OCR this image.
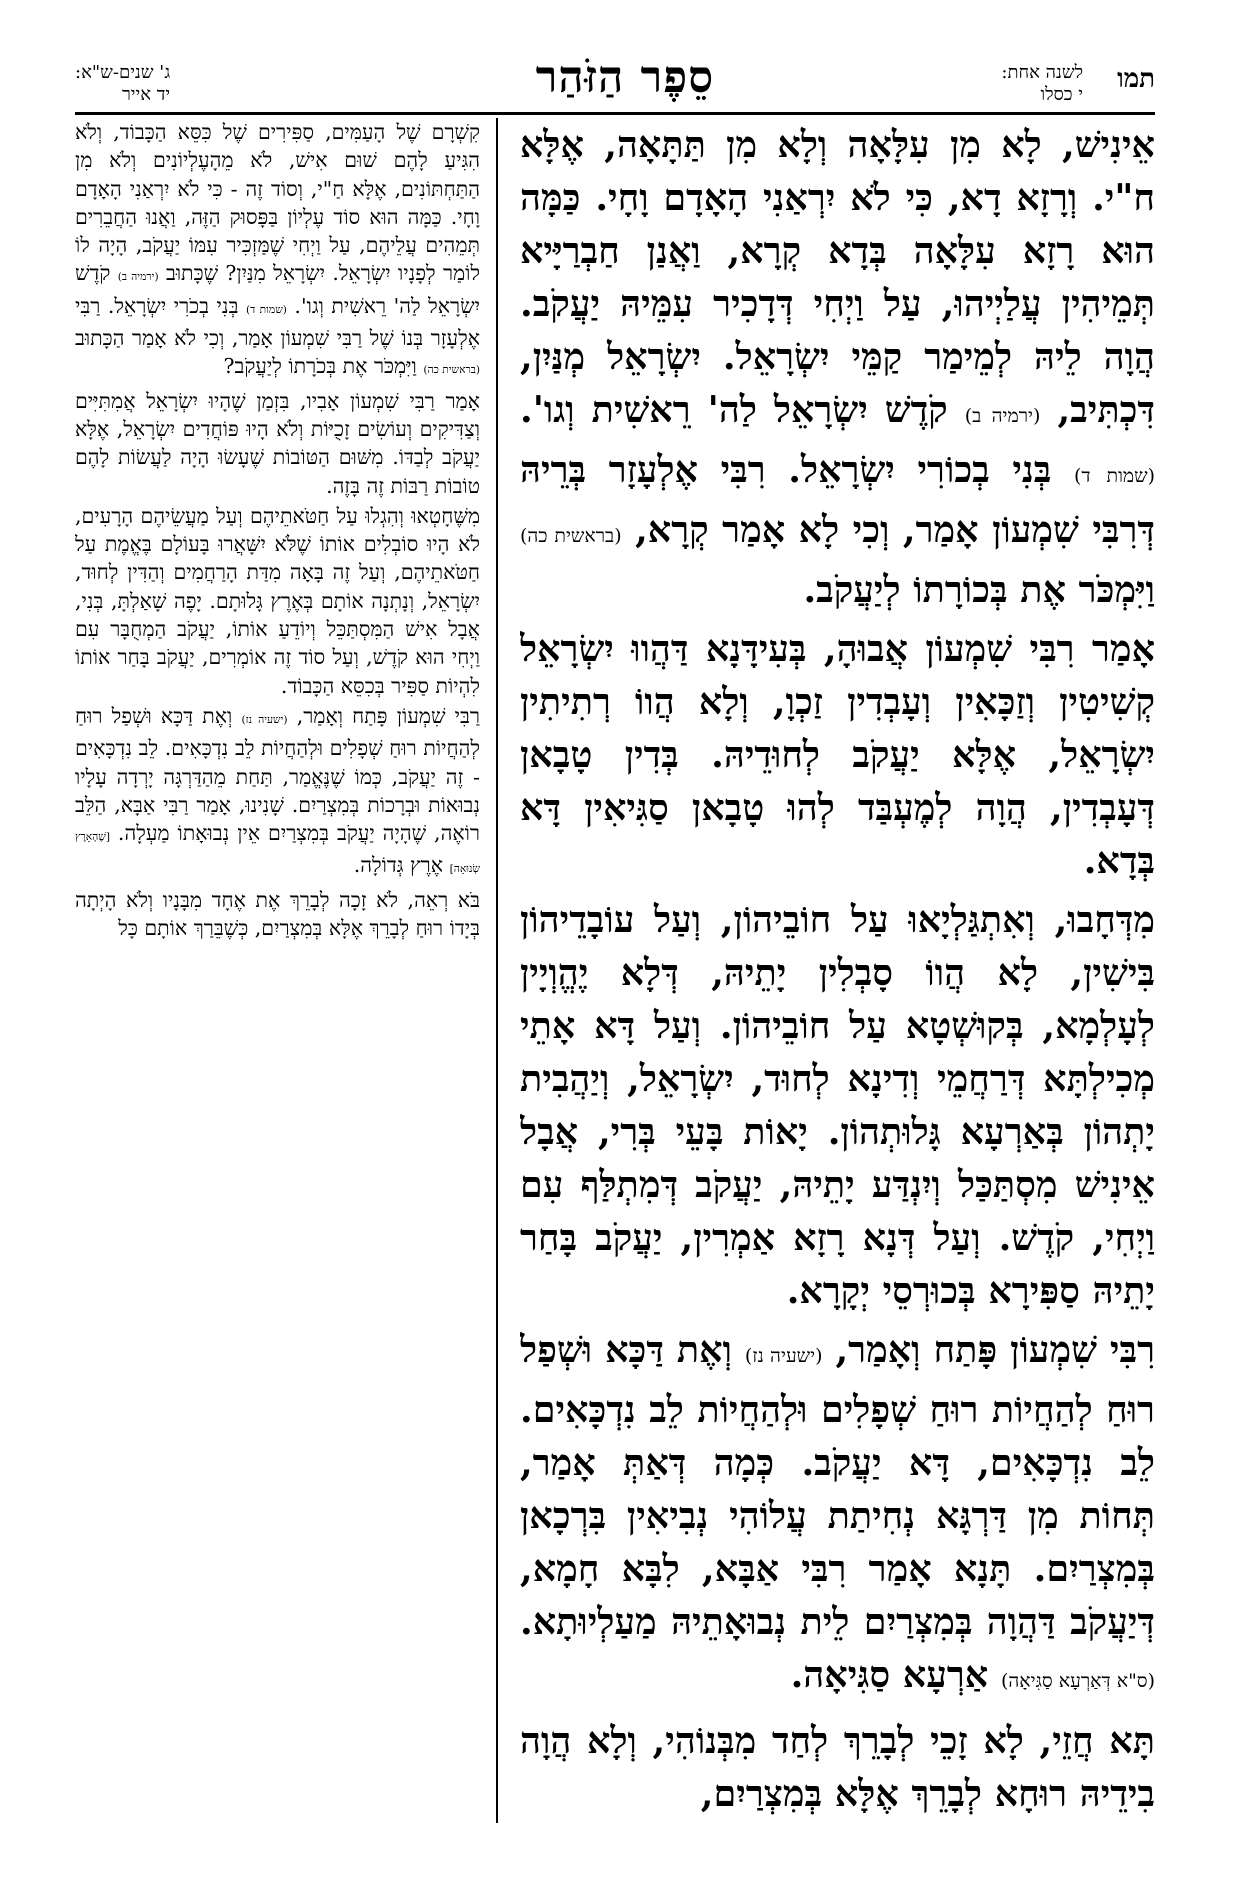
תמו
לשנה אחת:
י כסלו
סֵפֶר הַזֹּהַר
ג' שנים-ש"א:
יד אייר

אֵינִישׁ, לָא מִן עִלָּאָה וְלָא מִן תַּתָּאָה, אֶלָּא ח"י. וְרָזָא דָא, כִּי לֹא יִרְאַנִי הָאָדָם וָחָי. כַּמָּה הוּא רָזָא עִלָּאָה בְּדָא קְרָא, וַאֲנַן חַבְרַיָּיא תְּמֵיהִין עֲלַיְיהוּ, עַל וַיְחִי דְּדָכִיר עִמֵּיהּ יַעֲקֹב. הֲוָה לֵיהּ לְמֵימַר קַמֵּי יִשְׂרָאֵל. יִשְׂרָאֵל מְנַּיִן, דִּכְתִּיב, (ירמיה ב) קֹדֶשׁ יִשְׂרָאֵל לַה' רֵאשִׁית וְגו'. (שמות ד) בְּנִי בְכוֹרִי יִשְׂרָאֵל. רִבִּי אֶלְעָזָר בְּרֵיהּ דְּרִבִּי שִׁמְעוֹן אָמַר, וְכִי לָא אָמַר קְרָא, (בראשית כה) וַיִּמְכֹּר אֶת בְּכוֹרָתוֹ לְיַעֲקֹב.

אָמַר רִבִּי שִׁמְעוֹן אֲבוּהָ, בְּעִידָּנָא דַּהֲווּ יִשְׂרָאֵל קְשִׁיטִין וְזַכָּאִין וְעָבְדִין זַכְוָ, וְלָא הֲווֹ רְתִיתִין יִשְׂרָאֵל, אֶלָּא יַעֲקֹב לְחוּדֵיהּ. בְּדִין טָבָאן דְּעָבְדִין, הֲוָה לְמֶעְבַּד לְהוּ טָבָאן סַגִּיאִין דָּא בְּדָא.

מִדְּחָבוּ, וְאִתְגַּלְיָאוּ עַל חוֹבֵיהוֹן, וְעַל עוֹבָדֵיהוֹן בִּישִׁין, לָא הֲווֹ סָבְלִין יָתֵיהּ, דְּלָא יֶהֱוְיָין לְעָלְמָא, בְּקוּשְׁטָא עַל חוֹבֵיהוֹן. וְעַל דָּא אָתֵי מְכִילְתָּא דְּרַחֲמֵי וְדִינָא לְחוּד, יִשְׂרָאֵל, וְיַהֲבִית יָתְהוֹן בְּאַרְעָא גָּלוּתְהוֹן. יָאוֹת בָּעֵי בְּרִי, אֲבָל אֵינִישׁ מִסְתַּכַּל וְיִנְדַּע יָתֵיהּ, יַעֲקֹב דְּמִתְלַּף עִם וַיְחִי, קֹדֶשׁ. וְעַל דְּנָא רָזָא אַמְרִין, יַעֲקֹב בָּחַר יָתֵיהּ סַפִּירָא בְּכוּרְסֵי יְקָרָא.

רִבִּי שִׁמְעוֹן פָּתַח וְאָמַר, (ישעיה נז) וְאֶת דַּכָּא וּשְׁפַל רוּחַ לְהַחֲיוֹת רוּחַ שְׁפָלִים וּלְהַחֲיוֹת לֵב נִדְכָּאִים. לֵב נִדְכָּאִים, דָּא יַעֲקֹב. כְּמָה דְּאַתְּ אָמַר, תְּחוֹת מִן דַּרְגָּא נְחִיתַת עֲלוֹהִי נְבִיאִין בִּרְכָאן בְּמִצְרַיִם. תָּנָא אָמַר רִבִּי אַבָּא, לִבָּא חָמָא, דְּיַעֲקֹב דַּהֲוָה בְּמִצְרַיִם לֵית נְבוּאָתֵיהּ מַעַלְיוּתָא. (ס"א דְּאַרְעָא סַגִּיאָה) אַרְעָא סַגִּיאָה.

תָּא חֲזֵי, לָא זָכֵי לְבָרֵךְ לְחַד מִבְּנוֹהִי, וְלָא הֲוָה בִידֵיהּ רוּחָא לְבָרֵךְ אֶלָּא בְּמִצְרַיִם,

קִשְׁרָם שֶׁל הָעַמִּים, סַפִּירִים שֶׁל כִּסֵּא הַכָּבוֹד, וְלֹא הִגִּיעַ לָהֶם שׁוּם אִישׁ, לֹא מֵהָעֶלְיוֹנִים וְלֹא מִן הַתַּחְתּוֹנִים, אֶלָּא חַ"י, וְסוֹד זֶה - כִּי לֹא יִרְאַנִי הָאָדָם וָחָי. כַּמָּה הוּא סוֹד עֶלְיוֹן בַּפָּסוּק הַזֶּה, וַאֲנוּ הַחֲבֵרִים תְּמֵהִים עֲלֵיהֶם, עַל וַיְחִי שֶׁמַּזְכִּיר עִמּוֹ יַעֲקֹב, הָיָה לוֹ לוֹמַר לְפָנָיו יִשְׂרָאֵל. יִשְׂרָאֵל מִנַּיִן? שֶׁכָּתוּב (ירמיה ב) קֹדֶשׁ יִשְׂרָאֵל לַה' רֵאשִׁית וְגו'. (שמות ד) בְּנִי בְכֹרִי יִשְׂרָאֵל. רַבִּי אֶלְעָזָר בְּנוֹ שֶׁל רַבִּי שִׁמְעוֹן אָמַר, וְכִי לֹא אָמַר הַכָּתוּב (בראשית כה) וַיִּמְכֹּר אֶת בְּכֹרָתוֹ לְיַעֲקֹב?

אָמַר רַבִּי שִׁמְעוֹן אָבִיו, בִּזְמַן שֶׁהָיוּ יִשְׂרָאֵל אֲמִתִּיִּים וְצַדִּיקִים וְעוֹשִׂים זָכֻיּוֹת וְלֹא הָיוּ פּוֹחֲדִים יִשְׂרָאֵל, אֶלָּא יַעֲקֹב לְבַדּוֹ. מִשּׁוּם הַטּוֹבוֹת שֶׁעָשׂוּ הָיָה לַעֲשׂוֹת לָהֶם טוֹבוֹת רַבּוֹת זֶה בָּזֶה.

מִשֶּׁחָטְאוּ וְהִגְלוּ עַל חַטֹּאתֵיהֶם וְעַל מַעֲשֵׂיהֶם הָרָעִים, לֹא הָיוּ סוֹבְלִים אוֹתוֹ שֶׁלֹּא יִשָּׁאֲרוּ בָּעוֹלָם בֶּאֱמֶת עַל חַטֹּאתֵיהֶם, וְעַל זֶה בָּאָה מִדַּת הָרַחֲמִים וְהַדִּין לְחוּד, יִשְׂרָאֵל, וְנָתְנָה אוֹתָם בְּאֶרֶץ גָּלוּתָם. יָפֶה שָׁאַלְתָּ, בְּנִי, אֲבָל אִישׁ הַמִּסְתַּכֵּל וְיוֹדֵעַ אוֹתוֹ, יַעֲקֹב הַמְחֻבָּר עִם וַיְחִי הוּא קֹדֶשׁ, וְעַל סוֹד זֶה אוֹמְרִים, יַעֲקֹב בָּחַר אוֹתוֹ לִהְיוֹת סַפִּיר בְּכִסֵּא הַכָּבוֹד.

רַבִּי שִׁמְעוֹן פָּתַח וְאָמַר, (ישעיה נז) וְאֶת דַּכָּא וּשְׁפַל רוּחַ לְהַחֲיוֹת רוּחַ שְׁפָלִים וּלְהַחֲיוֹת לֵב נִדְכָּאִים. לֵב נִדְכָּאִים - זֶה יַעֲקֹב, כְּמוֹ שֶׁנֶּאֱמַר, תַּחַת מֵהַדַּרְגָּה יָרְדָה עָלָיו נְבוּאוֹת וּבְרָכוֹת בְּמִצְרַיִם. שָׁנִינוּ, אָמַר רַבִּי אַבָּא, הַלֵּב רוֹאֶה, שֶׁהָיָה יַעֲקֹב בְּמִצְרַיִם אֵין נְבוּאָתוֹ מַעְלָה. [שֶׁהָאָרֶץ שְׂנוּאָה] אֶרֶץ גְּדוֹלָה.

בֹּא רְאֵה, לֹא זָכָה לְבָרֵךְ אֶת אֶחָד מִבָּנָיו וְלֹא הָיְתָה בְּיָדוֹ רוּחַ לְבָרֵךְ אֶלָּא בְּמִצְרַיִם, כְּשֶׁבֵּרַךְ אוֹתָם כָּל
